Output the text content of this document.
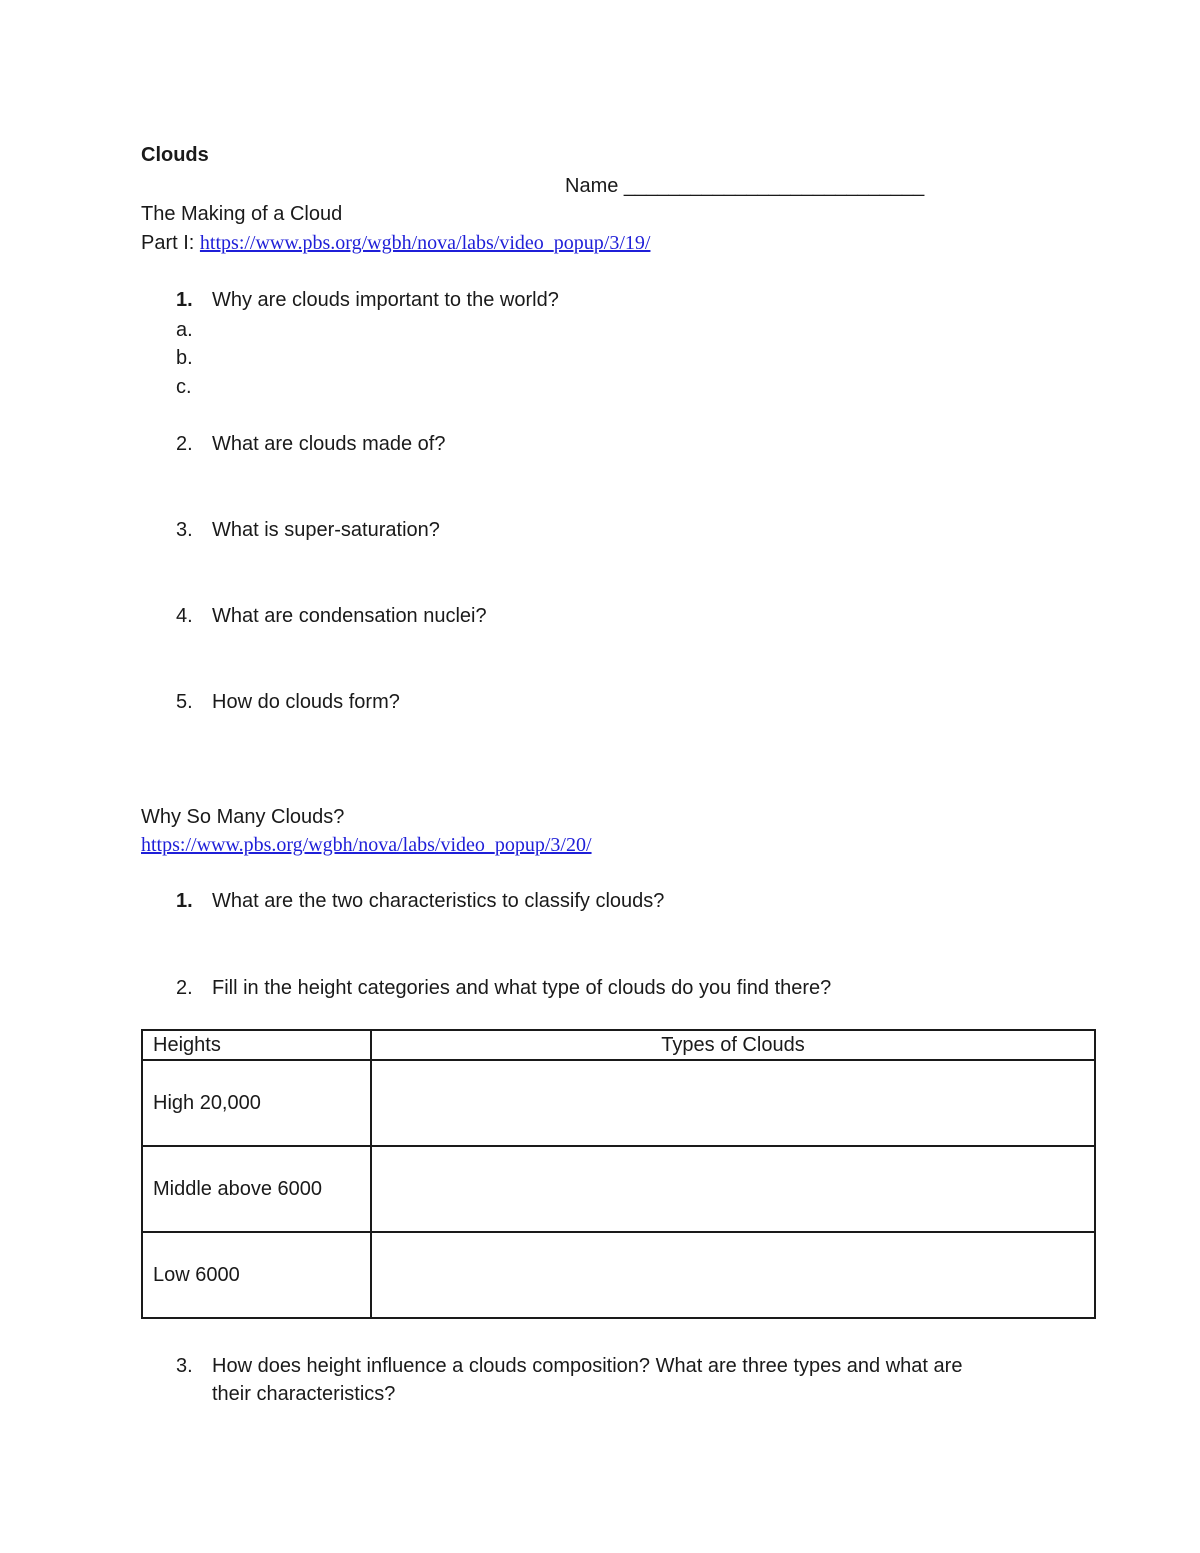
Clouds
Name ___________________________
The Making of a Cloud
Part I: https://www.pbs.org/wgbh/nova/labs/video_popup/3/19/
1. Why are clouds important to the world?
a.
b.
c.
2. What are clouds made of?
3. What is super-saturation?
4. What are condensation nuclei?
5. How do clouds form?
Why So Many Clouds?
https://www.pbs.org/wgbh/nova/labs/video_popup/3/20/
1. What are the two characteristics to classify clouds?
2. Fill in the height categories and what type of clouds do you find there?
Heights	Types of Clouds
High 20,000	
Middle above 6000	
Low 6000	
3. How does height influence a clouds composition? What are three types and what are
their characteristics?
